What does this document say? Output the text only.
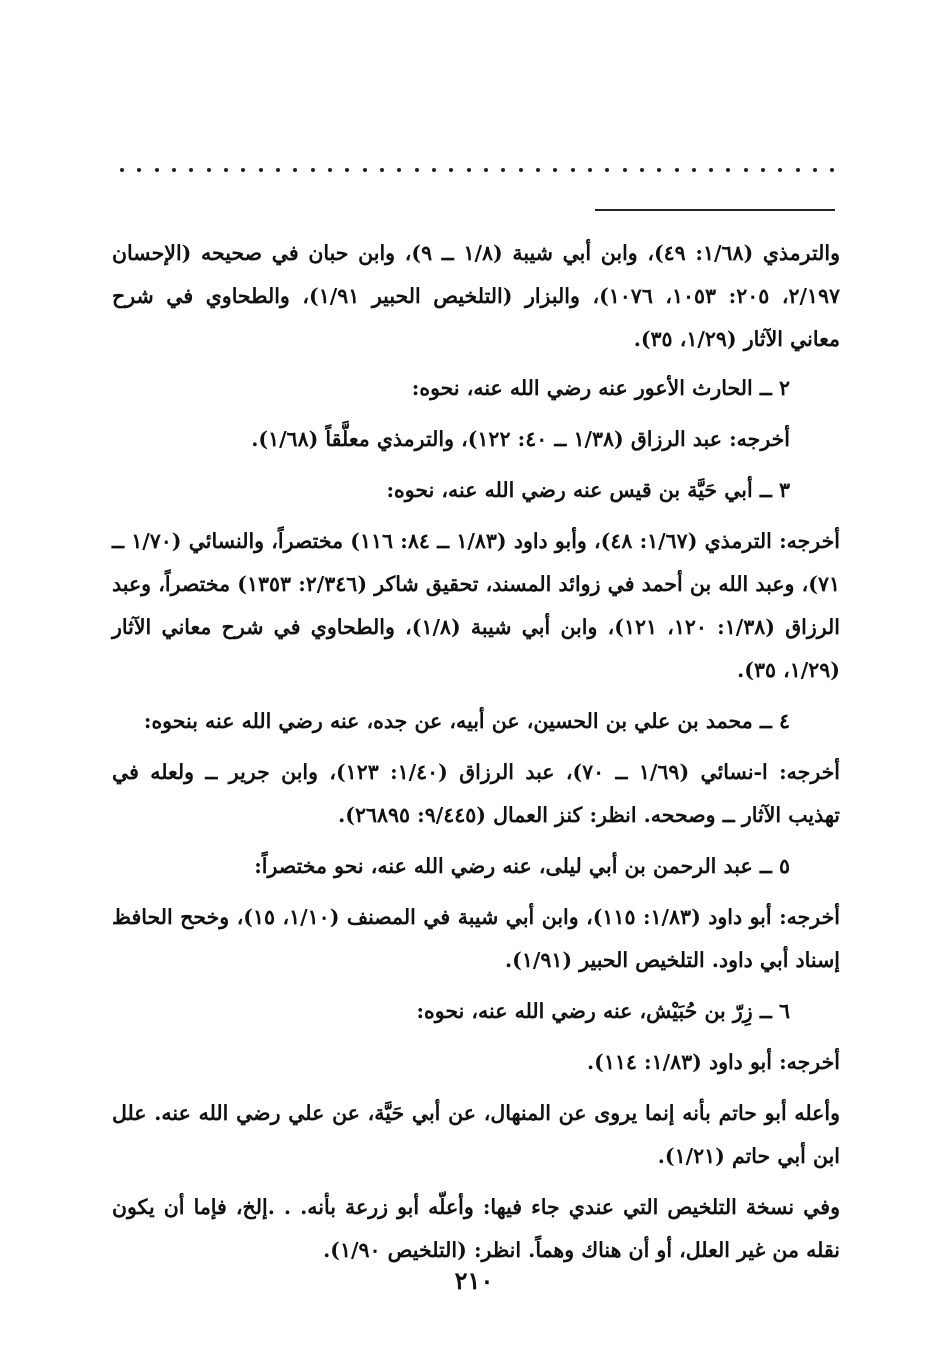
والترمذي (١/٦٨: ٤٩)، وابن أبي شيبة (١/٨ ــ ٩)، وابن حبان في صحيحه (الإحسان ٢/١٩٧، ٢٠٥: ١٠٥٣، ١٠٧٦)، والبزار (التلخيص الحبير ١/٩١)، والطحاوي في شرح معاني الآثار (١/٢٩، ٣٥).

٢ ــ الحارث الأعور عنه رضي الله عنه، نحوه:

أخرجه: عبد الرزاق (١/٣٨ ــ ٤٠: ١٢٢)، والترمذي معلَّقاً (١/٦٨).

٣ ــ أبي حَيَّة بن قيس عنه رضي الله عنه، نحوه:

أخرجه: الترمذي (١/٦٧: ٤٨)، وأبو داود (١/٨٣ ــ ٨٤: ١١٦) مختصراً، والنسائي (١/٧٠ ــ ٧١)، وعبد الله بن أحمد في زوائد المسند، تحقيق شاكر (٢/٣٤٦: ١٣٥٣) مختصراً، وعبد الرزاق (١/٣٨: ١٢٠، ١٢١)، وابن أبي شيبة (١/٨)، والطحاوي في شرح معاني الآثار (١/٢٩، ٣٥).

٤ ــ محمد بن علي بن الحسين، عن أبيه، عن جده، عنه رضي الله عنه بنحوه:

أخرجه: ا-نسائي (١/٦٩ ــ ٧٠)، عبد الرزاق (١/٤٠: ١٢٣)، وابن جرير ــ ولعله في تهذيب الآثار ــ وصححه. انظر: كنز العمال (٩/٤٤٥: ٢٦٨٩٥).

٥ ــ عبد الرحمن بن أبي ليلى، عنه رضي الله عنه، نحو مختصراً:

أخرجه: أبو داود (١/٨٣: ١١٥)، وابن أبي شيبة في المصنف (١/١٠، ١٥)، وخحح الحافظ إسناد أبي داود. التلخيص الحبير (١/٩١).

٦ ــ زِرّ بن حُبَيْش، عنه رضي الله عنه، نحوه:

أخرجه: أبو داود (١/٨٣: ١١٤).

وأعله أبو حاتم بأنه إنما يروى عن المنهال، عن أبي حَيَّة، عن علي رضي الله عنه. علل ابن أبي حاتم (١/٢١).

وفي نسخة التلخيص التي عندي جاء فيها: وأعلّه أبو زرعة بأنه. . .إلخ، فإما أن يكون نقله من غير العلل، أو أن هناك وهماً. انظر: (التلخيص ١/٩٠).

٢١٠
